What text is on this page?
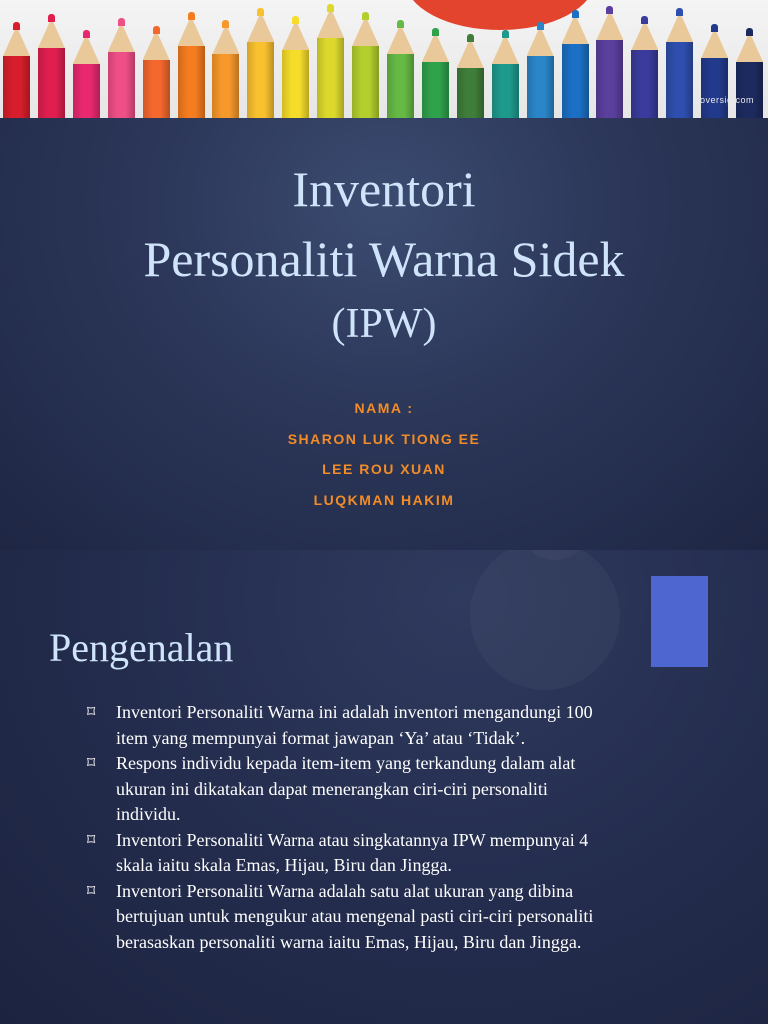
coversig.com
Inventori
Personaliti Warna Sidek
(IPW)
NAMA :
SHARON LUK TIONG EE
LEE ROU XUAN
LUQKMAN HAKIM
Pengenalan
⌑ Inventori Personaliti Warna ini adalah inventori mengandungi 100 item yang mempunyai format jawapan ‘Ya’ atau ‘Tidak’.
⌑ Respons individu kepada item-item yang terkandung dalam alat ukuran ini dikatakan dapat menerangkan ciri-ciri personaliti individu.
⌑ Inventori Personaliti Warna atau singkatannya IPW mempunyai 4 skala iaitu skala Emas, Hijau, Biru dan Jingga.
⌑ Inventori Personaliti Warna adalah satu alat ukuran yang dibina bertujuan untuk mengukur atau mengenal pasti ciri-ciri personaliti berasaskan personaliti warna iaitu Emas, Hijau, Biru dan Jingga.
